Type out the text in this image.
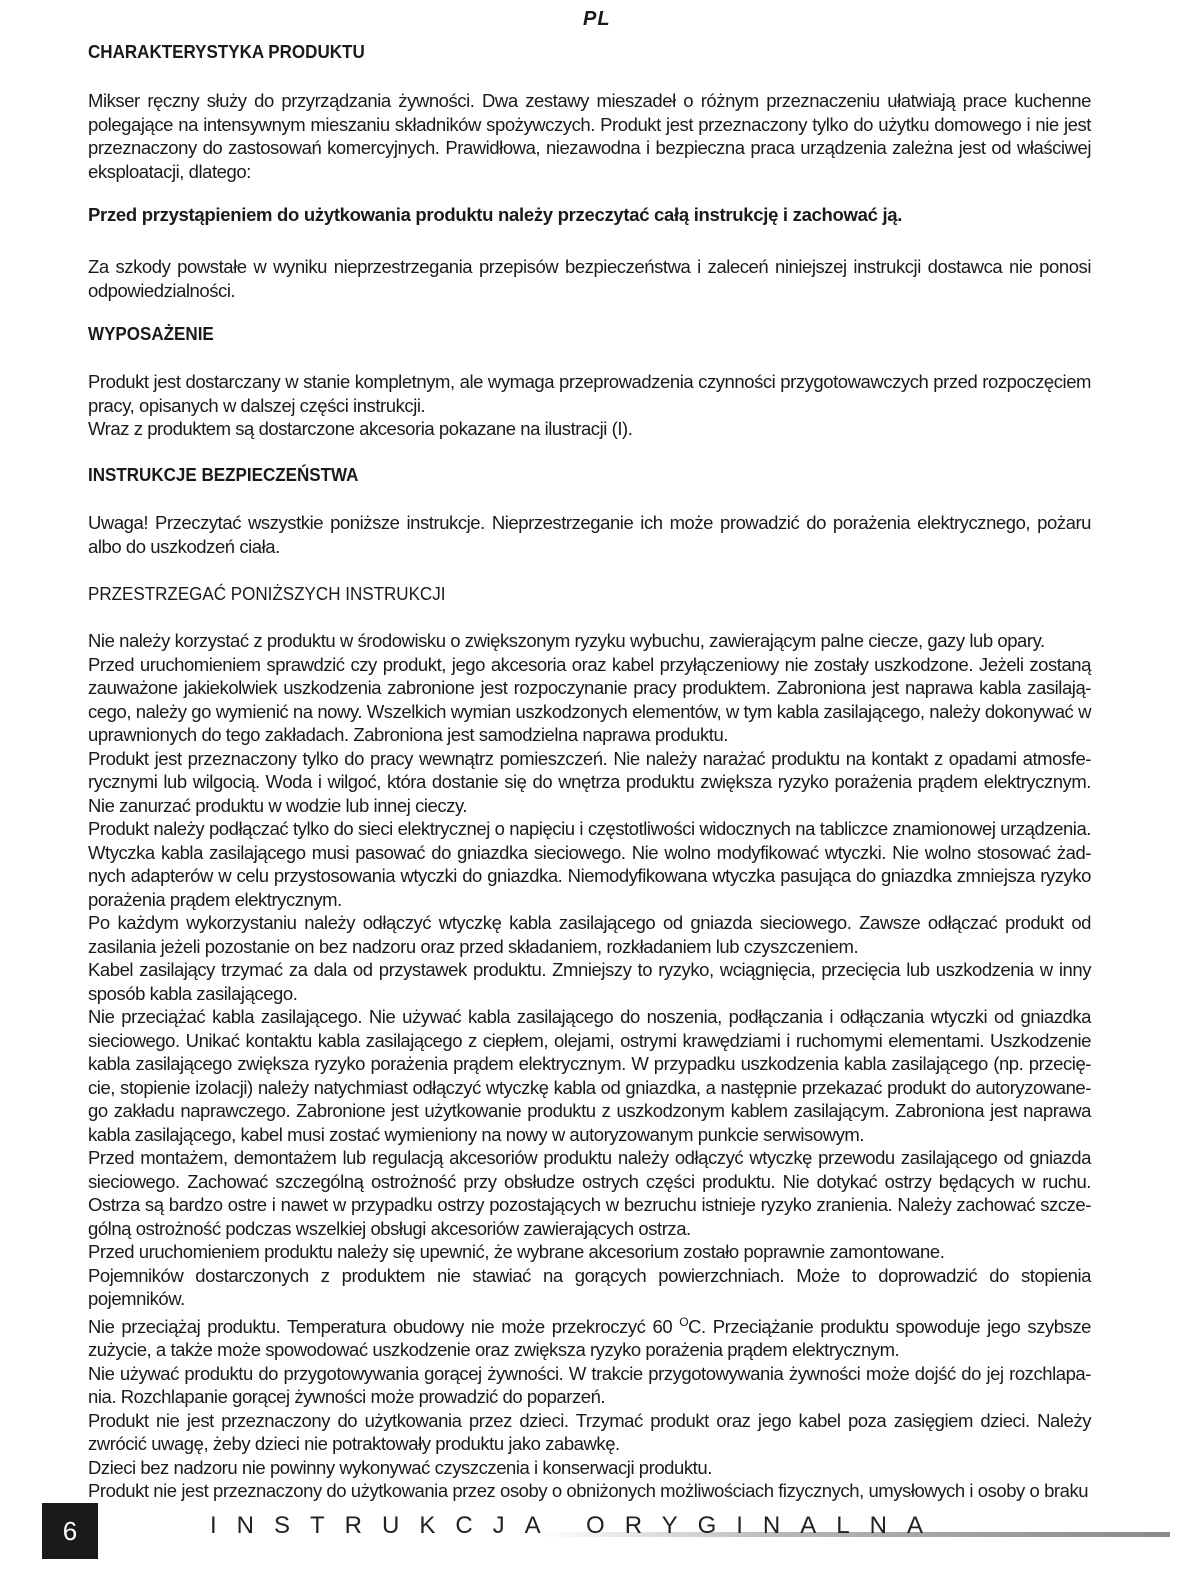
PL
CHARAKTERYSTYKA PRODUKTU

Mikser ręczny służy do przyrządzania żywności. Dwa zestawy mieszadeł o różnym przeznaczeniu ułatwiają prace kuchenne polegające na intensywnym mieszaniu składników spożywczych. Produkt jest przeznaczony tylko do użytku domowego i nie jest przeznaczony do zastosowań komercyjnych. Prawidłowa, niezawodna i bezpieczna praca urządzenia zależna jest od właściwej eksploatacji, dlatego:

Przed przystąpieniem do użytkowania produktu należy przeczytać całą instrukcję i zachować ją.

Za szkody powstałe w wyniku nieprzestrzegania przepisów bezpieczeństwa i zaleceń niniejszej instrukcji dostawca nie ponosi odpowiedzialności.

WYPOSAŻENIE

Produkt jest dostarczany w stanie kompletnym, ale wymaga przeprowadzenia czynności przygotowawczych przed rozpoczęciem pracy, opisanych w dalszej części instrukcji.

Wraz z produktem są dostarczone akcesoria pokazane na ilustracji (I).

INSTRUKCJE BEZPIECZEŃSTWA

Uwaga! Przeczytać wszystkie poniższe instrukcje. Nieprzestrzeganie ich może prowadzić do porażenia elektrycznego, pożaru albo do uszkodzeń ciała.

PRZESTRZEGAĆ PONIŻSZYCH INSTRUKCJI

Nie należy korzystać z produktu w środowisku o zwiększonym ryzyku wybuchu, zawierającym palne ciecze, gazy lub opary.

Przed uruchomieniem sprawdzić czy produkt, jego akcesoria oraz kabel przyłączeniowy nie zostały uszkodzone. Jeżeli zostaną zauważone jakiekolwiek uszkodzenia zabronione jest rozpoczynanie pracy produktem. Zabroniona jest naprawa kabla zasilają-cego, należy go wymienić na nowy. Wszelkich wymian uszkodzonych elementów, w tym kabla zasilającego, należy dokonywać w uprawnionych do tego zakładach. Zabroniona jest samodzielna naprawa produktu.

Produkt jest przeznaczony tylko do pracy wewnątrz pomieszczeń. Nie należy narażać produktu na kontakt z opadami atmosfe-rycznymi lub wilgocią. Woda i wilgoć, która dostanie się do wnętrza produktu zwiększa ryzyko porażenia prądem elektrycznym. Nie zanurzać produktu w wodzie lub innej cieczy.

Produkt należy podłączać tylko do sieci elektrycznej o napięciu i częstotliwości widocznych na tabliczce znamionowej urządzenia. Wtyczka kabla zasilającego musi pasować do gniazdka sieciowego. Nie wolno modyfikować wtyczki. Nie wolno stosować żad-nych adapterów w celu przystosowania wtyczki do gniazdka. Niemodyfikowana wtyczka pasująca do gniazdka zmniejsza ryzyko porażenia prądem elektrycznym.

Po każdym wykorzystaniu należy odłączyć wtyczkę kabla zasilającego od gniazda sieciowego. Zawsze odłączać produkt od zasilania jeżeli pozostanie on bez nadzoru oraz przed składaniem, rozkładaniem lub czyszczeniem.

Kabel zasilający trzymać za dala od przystawek produktu. Zmniejszy to ryzyko, wciągnięcia, przecięcia lub uszkodzenia w inny sposób kabla zasilającego.

Nie przeciążać kabla zasilającego. Nie używać kabla zasilającego do noszenia, podłączania i odłączania wtyczki od gniazdka sieciowego. Unikać kontaktu kabla zasilającego z ciepłem, olejami, ostrymi krawędziami i ruchomymi elementami. Uszkodzenie kabla zasilającego zwiększa ryzyko porażenia prądem elektrycznym. W przypadku uszkodzenia kabla zasilającego (np. przecię-cie, stopienie izolacji) należy natychmiast odłączyć wtyczkę kabla od gniazdka, a następnie przekazać produkt do autoryzowane-go zakładu naprawczego. Zabronione jest użytkowanie produktu z uszkodzonym kablem zasilającym. Zabroniona jest naprawa kabla zasilającego, kabel musi zostać wymieniony na nowy w autoryzowanym punkcie serwisowym.

Przed montażem, demontażem lub regulacją akcesoriów produktu należy odłączyć wtyczkę przewodu zasilającego od gniazda sieciowego. Zachować szczególną ostrożność przy obsłudze ostrych części produktu. Nie dotykać ostrzy będących w ruchu. Ostrza są bardzo ostre i nawet w przypadku ostrzy pozostających w bezruchu istnieje ryzyko zranienia. Należy zachować szcze-gólną ostrożność podczas wszelkiej obsługi akcesoriów zawierających ostrza.

Przed uruchomieniem produktu należy się upewnić, że wybrane akcesorium zostało poprawnie zamontowane.

Pojemników dostarczonych z produktem nie stawiać na gorących powierzchniach. Może to doprowadzić do stopienia pojemników.

Nie przeciążaj produktu. Temperatura obudowy nie może przekroczyć 60 $^O$C. Przeciążanie produktu spowoduje jego szybsze zużycie, a także może spowodować uszkodzenie oraz zwiększa ryzyko porażenia prądem elektrycznym.

Nie używać produktu do przygotowywania gorącej żywności. W trakcie przygotowywania żywności może dojść do jej rozchlapa-nia. Rozchlapanie gorącej żywności może prowadzić do poparzeń.

Produkt nie jest przeznaczony do użytkowania przez dzieci. Trzymać produkt oraz jego kabel poza zasięgiem dzieci. Należy zwrócić uwagę, żeby dzieci nie potraktowały produktu jako zabawkę.

Dzieci bez nadzoru nie powinny wykonywać czyszczenia i konserwacji produktu.

Produkt nie jest przeznaczony do użytkowania przez osoby o obniżonych możliwościach fizycznych, umysłowych i osoby o braku

6	INSTRUKCJA ORYGINALNA
